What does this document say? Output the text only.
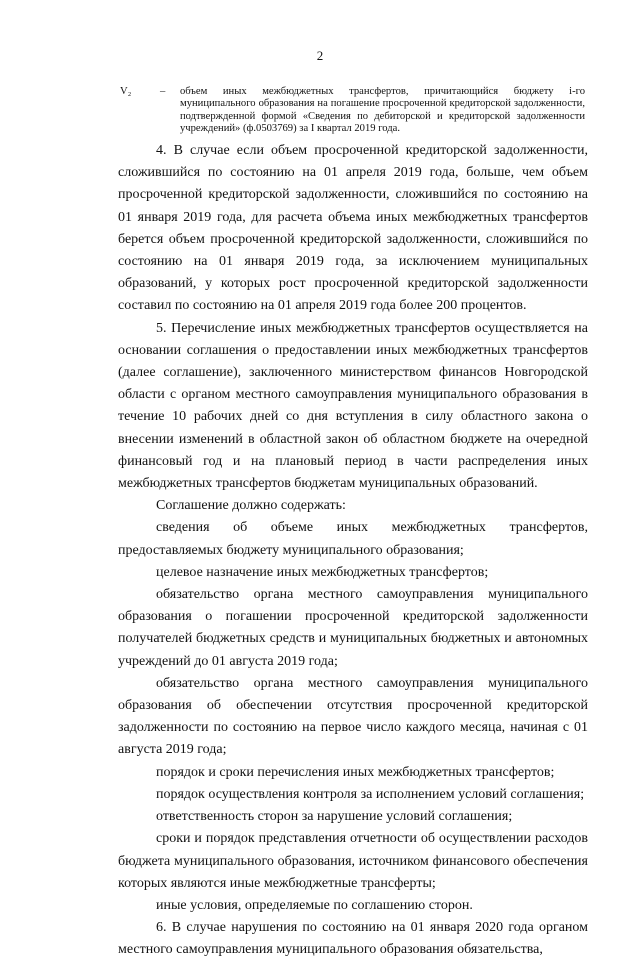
2
V₂	– объем иных межбюджетных трансфертов, причитающийся бюджету i-го муниципального образования на погашение просроченной кредиторской задолженности, подтвержденной формой «Сведения по дебиторской и кредиторской задолженности учреждений» (ф.0503769) за I квартал 2019 года.

4. В случае если объем просроченной кредиторской задолженности, сложившийся по состоянию на 01 апреля 2019 года, больше, чем объем просроченной кредиторской задолженности, сложившийся по состоянию на 01 января 2019 года, для расчета объема иных межбюджетных трансфертов берется объем просроченной кредиторской задолженности, сложившийся по состоянию на 01 января 2019 года, за исключением муниципальных образований, у которых рост просроченной кредиторской задолженности составил по состоянию на 01 апреля 2019 года более 200 процентов.

5. Перечисление иных межбюджетных трансфертов осуществляется на основании соглашения о предоставлении иных межбюджетных трансфертов (далее соглашение), заключенного министерством финансов Новгородской области с органом местного самоуправления муниципального образования в течение 10 рабочих дней со дня вступления в силу областного закона о внесении изменений в областной закон об областном бюджете на очередной финансовый год и на плановый период в части распределения иных межбюджетных трансфертов бюджетам муниципальных образований.

Соглашение должно содержать:

сведения об объеме иных межбюджетных трансфертов, предоставляемых бюджету муниципального образования;

целевое назначение иных межбюджетных трансфертов;

обязательство органа местного самоуправления муниципального образования о погашении просроченной кредиторской задолженности получателей бюджетных средств и муниципальных бюджетных и автономных учреждений до 01 августа 2019 года;

обязательство органа местного самоуправления муниципального образования об обеспечении отсутствия просроченной кредиторской задолженности по состоянию на первое число каждого месяца, начиная с 01 августа 2019 года;

порядок и сроки перечисления иных межбюджетных трансфертов;

порядок осуществления контроля за исполнением условий соглашения;

ответственность сторон за нарушение условий соглашения;

сроки и порядок представления отчетности об осуществлении расходов бюджета муниципального образования, источником финансового обеспечения которых являются иные межбюджетные трансферты;

иные условия, определяемые по соглашению сторон.

6. В случае нарушения по состоянию на 01 января 2020 года органом местного самоуправления муниципального образования обязательства,
